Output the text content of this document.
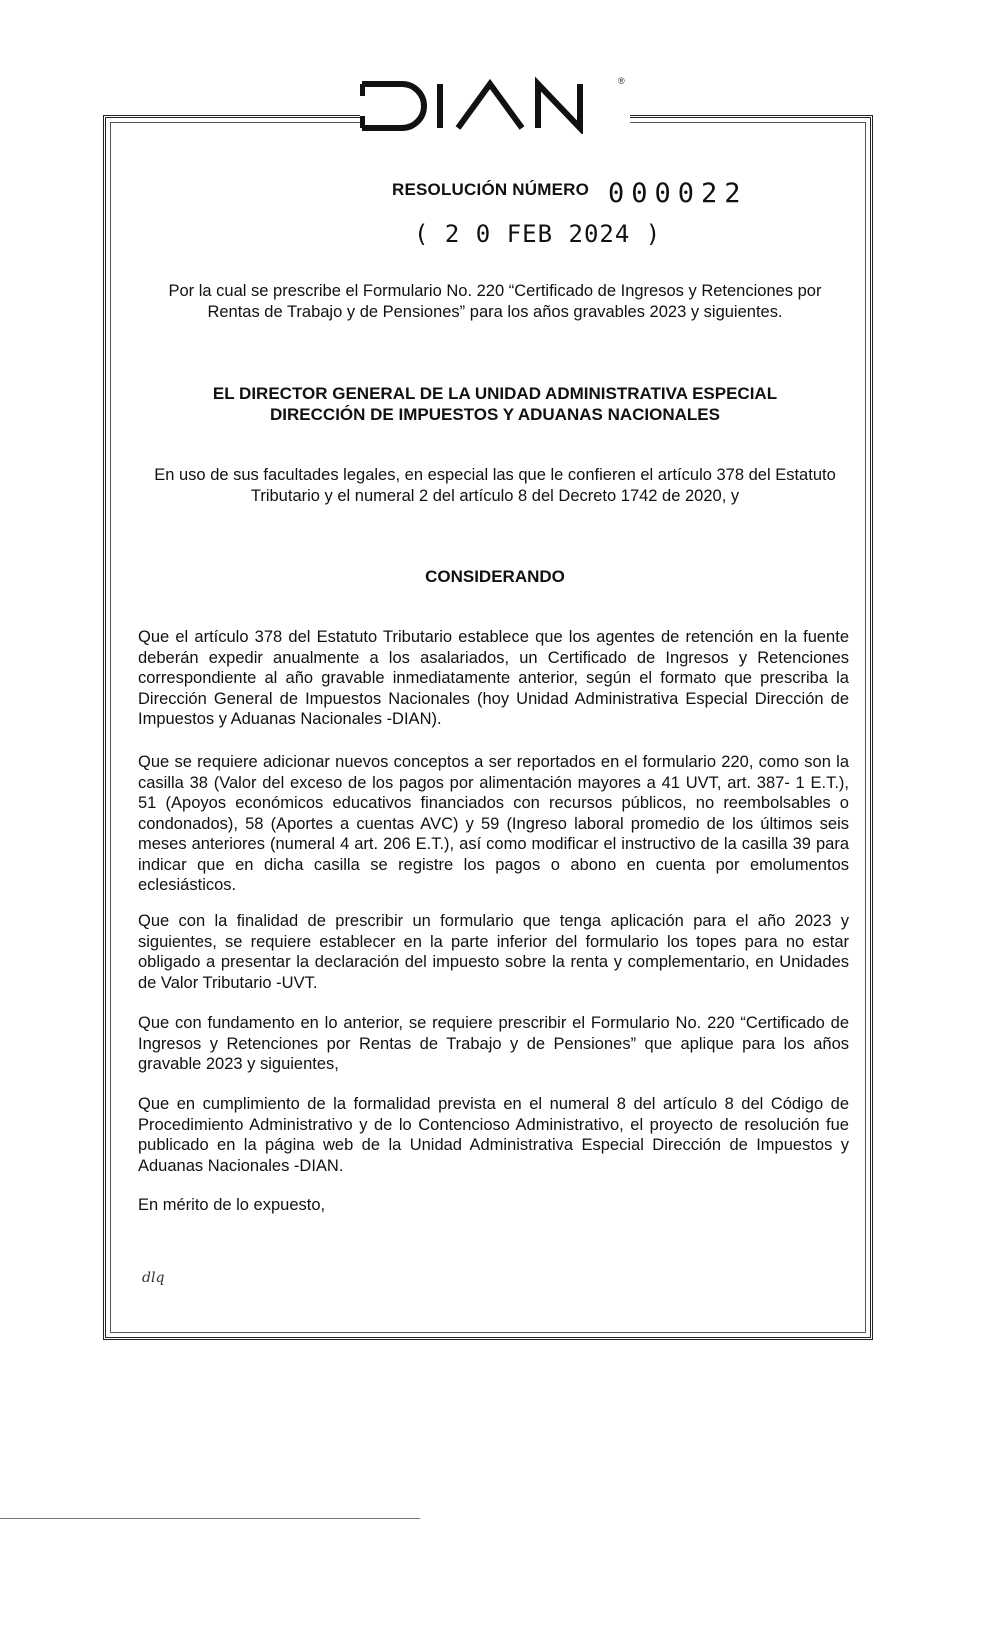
®
RESOLUCIÓN NÚMERO 000022
( 2 0 FEB 2024 )
Por la cual se prescribe el Formulario No. 220 “Certificado de Ingresos y Retenciones por Rentas de Trabajo y de Pensiones” para los años gravables 2023 y siguientes.
EL DIRECTOR GENERAL DE LA UNIDAD ADMINISTRATIVA ESPECIAL
DIRECCIÓN DE IMPUESTOS Y ADUANAS NACIONALES
En uso de sus facultades legales, en especial las que le confieren el artículo 378 del Estatuto Tributario y el numeral 2 del artículo 8 del Decreto 1742 de 2020, y
CONSIDERANDO
Que el artículo 378 del Estatuto Tributario establece que los agentes de retención en la fuente deberán expedir anualmente a los asalariados, un Certificado de Ingresos y Retenciones correspondiente al año gravable inmediatamente anterior, según el formato que prescriba la Dirección General de Impuestos Nacionales (hoy Unidad Administrativa Especial Dirección de Impuestos y Aduanas Nacionales -DIAN).
Que se requiere adicionar nuevos conceptos a ser reportados en el formulario 220, como son la casilla 38 (Valor del exceso de los pagos por alimentación mayores a 41 UVT, art. 387- 1 E.T.), 51 (Apoyos económicos educativos financiados con recursos públicos, no reembolsables o condonados), 58 (Aportes a cuentas AVC) y 59 (Ingreso laboral promedio de los últimos seis meses anteriores (numeral 4 art. 206 E.T.), así como modificar el instructivo de la casilla 39 para indicar que en dicha casilla se registre los pagos o abono en cuenta por emolumentos eclesiásticos.
Que con la finalidad de prescribir un formulario que tenga aplicación para el año 2023 y siguientes, se requiere establecer en la parte inferior del formulario los topes para no estar obligado a presentar la declaración del impuesto sobre la renta y complementario, en Unidades de Valor Tributario -UVT.
Que con fundamento en lo anterior, se requiere prescribir el Formulario No. 220 “Certificado de Ingresos y Retenciones por Rentas de Trabajo y de Pensiones” que aplique para los años gravable 2023 y siguientes,
Que en cumplimiento de la formalidad prevista en el numeral 8 del artículo 8 del Código de Procedimiento Administrativo y de lo Contencioso Administrativo, el proyecto de resolución fue publicado en la página web de la Unidad Administrativa Especial Dirección de Impuestos y Aduanas Nacionales -DIAN.
En mérito de lo expuesto,
dlq
